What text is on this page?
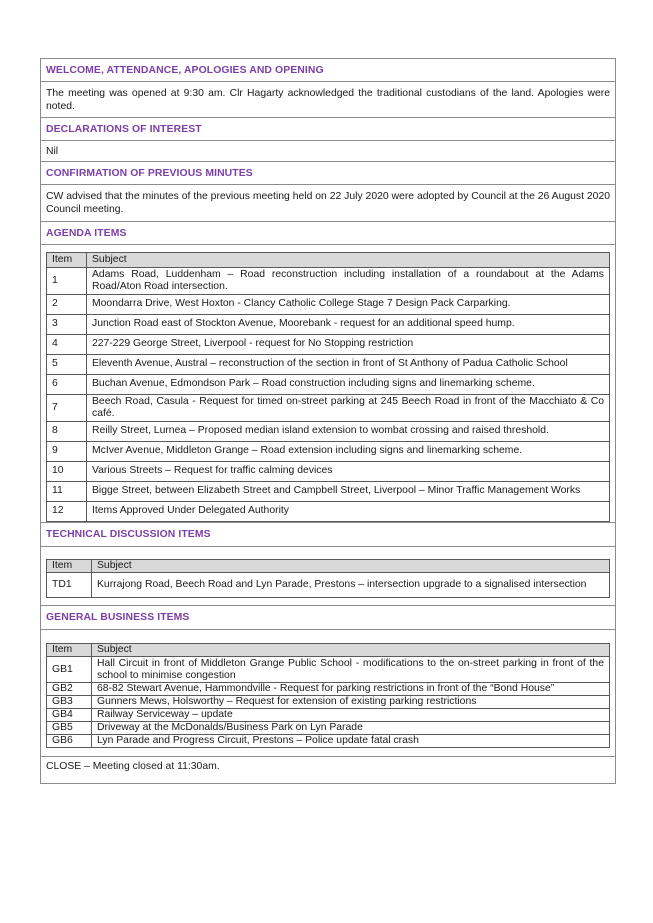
WELCOME, ATTENDANCE, APOLOGIES AND OPENING
The meeting was opened at 9:30 am. Clr Hagarty acknowledged the traditional custodians of the land. Apologies were noted.
DECLARATIONS OF INTEREST
Nil
CONFIRMATION OF PREVIOUS MINUTES
CW advised that the minutes of the previous meeting held on 22 July 2020 were adopted by Council at the 26 August 2020 Council meeting.
AGENDA ITEMS
Item	Subject
1	Adams Road, Luddenham – Road reconstruction including installation of a roundabout at the Adams Road/Aton Road intersection.
2	Moondarra Drive, West Hoxton - Clancy Catholic College Stage 7 Design Pack Carparking.
3	Junction Road east of Stockton Avenue, Moorebank - request for an additional speed hump.
4	227-229 George Street, Liverpool - request for No Stopping restriction
5	Eleventh Avenue, Austral – reconstruction of the section in front of St Anthony of Padua Catholic School
6	Buchan Avenue, Edmondson Park – Road construction including signs and linemarking scheme.
7	Beech Road, Casula - Request for timed on-street parking at 245 Beech Road in front of the Macchiato & Co café.
8	Reilly Street, Lurnea – Proposed median island extension to wombat crossing and raised threshold.
9	McIver Avenue, Middleton Grange – Road extension including signs and linemarking scheme.
10	Various Streets – Request for traffic calming devices
11	Bigge Street, between Elizabeth Street and Campbell Street, Liverpool – Minor Traffic Management Works
12	Items Approved Under Delegated Authority
TECHNICAL DISCUSSION ITEMS
Item	Subject
TD1	Kurrajong Road, Beech Road and Lyn Parade, Prestons – intersection upgrade to a signalised intersection
GENERAL BUSINESS ITEMS
Item	Subject
GB1	Hall Circuit in front of Middleton Grange Public School - modifications to the on-street parking in front of the school to minimise congestion
GB2	68-82 Stewart Avenue, Hammondville - Request for parking restrictions in front of the “Bond House”
GB3	Gunners Mews, Holsworthy – Request for extension of existing parking restrictions
GB4	Railway Serviceway – update
GB5	Driveway at the McDonalds/Business Park on Lyn Parade
GB6	Lyn Parade and Progress Circuit, Prestons – Police update fatal crash
CLOSE – Meeting closed at 11:30am.
